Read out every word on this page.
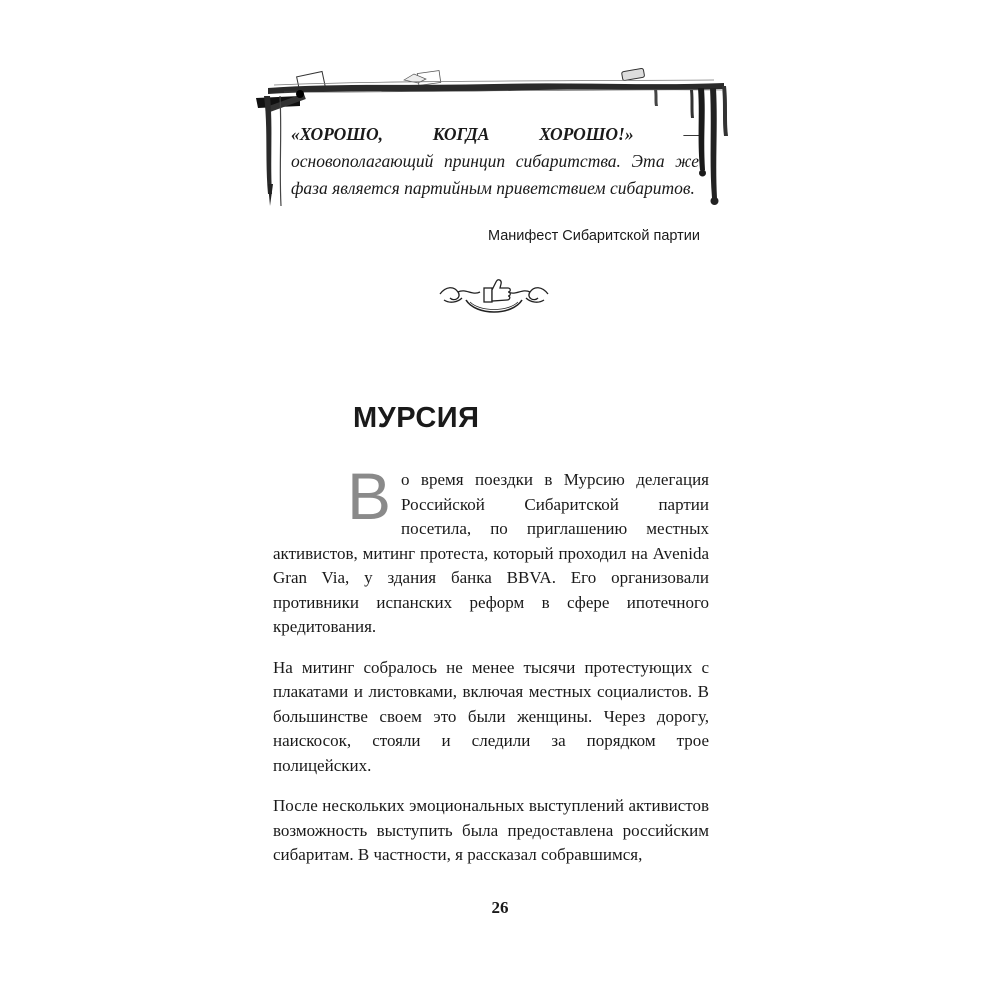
«ХОРОШО, КОГДА ХОРОШО!» — основополагающий принцип сибаритства. Эта же фаза является партийным приветствием сибаритов.
Манифест Сибаритской партии
МУРСИЯ

Во время поездки в Мурсию делегация Российской Сибаритской партии посетила, по приглашению местных активистов, митинг протеста, который проходил на Avenida Gran Via, у здания банка BBVA. Его организовали противники испанских реформ в сфере ипотечного кредитования.

На митинг собралось не менее тысячи протестующих с плакатами и листовками, включая местных социалистов. В большинстве своем это были женщины. Через дорогу, наискосок, стояли и следили за порядком трое полицейских.

После нескольких эмоциональных выступлений активистов возможность выступить была предоставлена российским сибаритам. В частности, я рассказал собравшимся,

26
